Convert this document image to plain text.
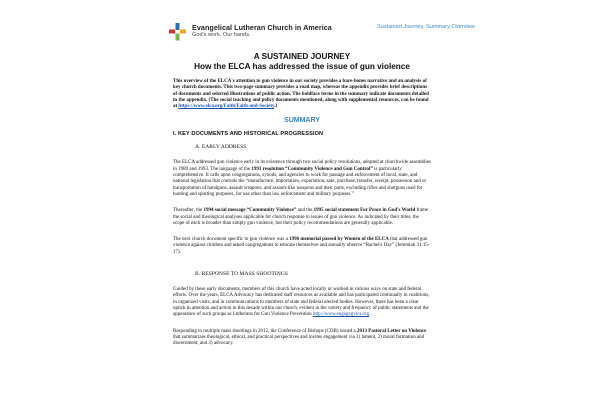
Evangelical Lutheran Church in America
God's work. Our hands.
Sustained Journey, Summary Overview
A SUSTAINED JOURNEY
How the ELCA has addressed the issue of gun violence

This overview of the ELCA's attention to gun violence in our society provides a bare-bones narrative and an analysis of key church documents. This two-page summary provides a road map, whereas the appendix provides brief descriptions of documents and selected illustrations of public action. The boldface terms in the summary indicate documents detailed in the appendix. (The social teaching and policy documents mentioned, along with supplemental resources, can be found at https://www.elca.org/Faith/Faith-and-Society.)

SUMMARY
I. KEY DOCUMENTS AND HISTORICAL PROGRESSION
A. EARLY ADDRESS

The ELCA addressed gun violence early in its existence through two social policy resolutions, adopted at churchwide assemblies in 1989 and 1993. The language of the 1993 resolution “Community Violence and Gun Control” is particularly comprehensive. It calls upon congregations, synods, and agencies to work for passage and enforcement of local, state, and national legislation that controls the “manufacture, importation, exportation, sale, purchase, transfer, receipt, possession and or transportation of handguns, assault weapons, and assault-like weapons and their parts, excluding rifles and shotguns used for hunting and sporting purposes, for use other than law enforcement and military purposes.”

Thereafter, the 1994 social message “Community Violence” and the 1995 social statement For Peace in God's World frame the social and theological analyses applicable for church response to issues of gun violence. As indicated by their titles, the scope of each is broader than simply gun violence, but their policy recommendations are generally applicable.

The next church document specific to gun violence was a 1996 memorial passed by Women of the ELCA that addressed gun violence against children and asked congregations to educate themselves and annually observe “Rachel's Day” (Jeremiah 31:15-17).

B. RESPONSE TO MASS SHOOTINGS

Guided by these early documents, members of this church have acted locally or worked in various ways on state and federal efforts. Over the years, ELCA Advocacy has dedicated staff resources as available and has participated continually in coalitions, in organized visits, and in communications to members of state and federal elected bodies. However, there has been a clear uptick in attention and action in this decade within our church, evident in the variety and frequency of public statements and the appearance of such groups as Lutherans for Gun Violence Prevention http://www.engagegvlcs.org.

Responding to multiple mass shootings in 2012, the Conference of Bishops (COB) issued a 2013 Pastoral Letter on Violence that summarizes theological, ethical, and practical perspectives and invites engagement via 1) lament, 2) moral formation and discernment, and 3) advocacy.
